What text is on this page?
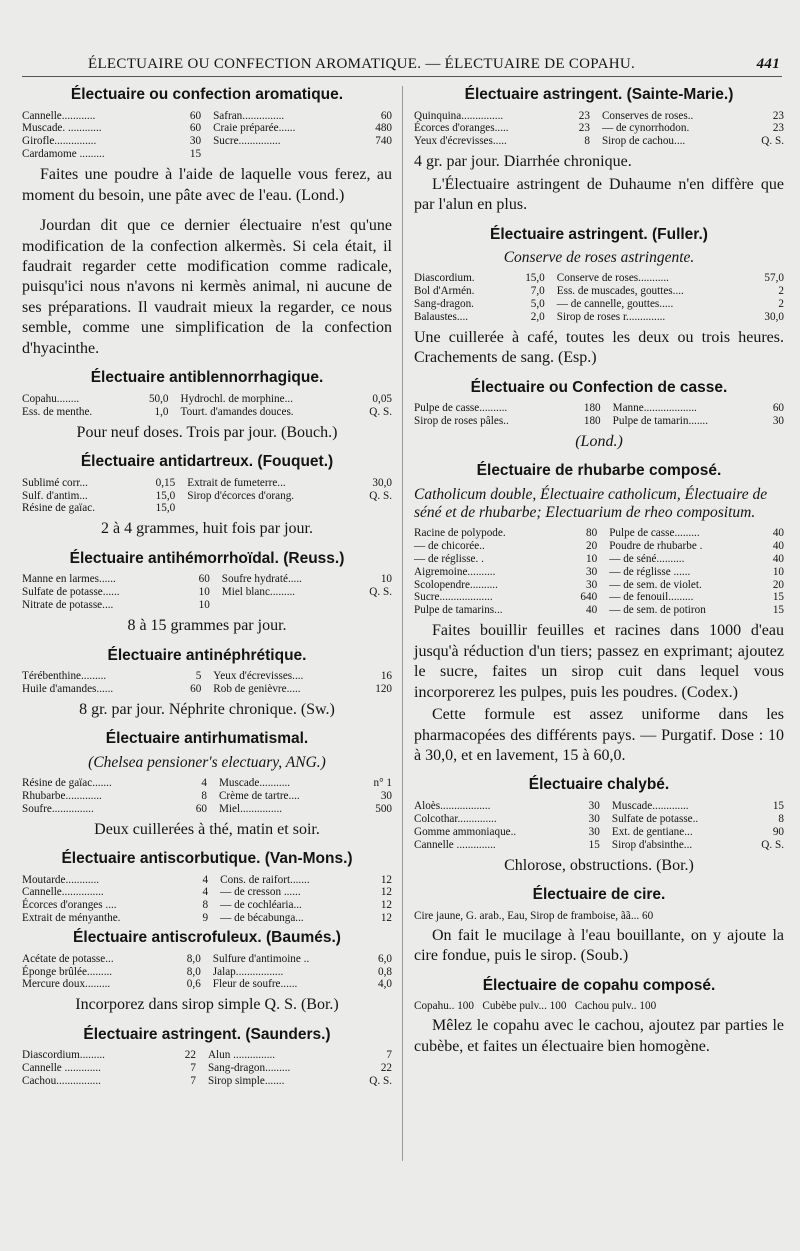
ÉLECTUAIRE OU CONFECTION AROMATIQUE. — ÉLECTUAIRE DE COPAHU.	441
Électuaire ou confection aromatique.
Cannelle............	60	Safran...............	60
Muscade. ............	60	Craie préparée......	480
Girofle...............	30	Sucre...............	740
Cardamome .........	15		

Faites une poudre à l'aide de laquelle vous ferez, au moment du besoin, une pâte avec de l'eau. (Lond.)

Jourdan dit que ce dernier électuaire n'est qu'une modification de la confection alkermès. Si cela était, il faudrait regarder cette modification comme radicale, puisqu'ici nous n'avons ni kermès animal, ni aucune de ses préparations. Il vaudrait mieux la regarder, ce nous semble, comme une simplification de la confection d'hyacinthe.

Électuaire antiblennorrhagique.
Copahu........	50,0	Hydrochl. de morphine...	0,05
Ess. de menthe.	1,0	Tourt. d'amandes douces.	Q. S.

Pour neuf doses. Trois par jour. (Bouch.)

Électuaire antidartreux. (Fouquet.)
Sublimé corr...	0,15	Extrait de fumeterre...	30,0
Sulf. d'antim...	15,0	Sirop d'écorces d'orang.	Q. S.
Résine de gaïac.	15,0		

2 à 4 grammes, huit fois par jour.

Électuaire antihémorrhoïdal. (Reuss.)
Manne en larmes......	60	Soufre hydraté.....	10
Sulfate de potasse......	10	Miel blanc.........	Q. S.
Nitrate de potasse....	10		

8 à 15 grammes par jour.

Électuaire antinéphrétique.
Térébenthine.........	5	Yeux d'écrevisses....	16
Huile d'amandes......	60	Rob de genièvre.....	120

8 gr. par jour. Néphrite chronique. (Sw.)

Électuaire antirhumatismal.
(Chelsea pensioner's electuary, ANG.)
Résine de gaïac.......	4	Muscade...........	n° 1
Rhubarbe.............	8	Crème de tartre....	30
Soufre...............	60	Miel...............	500

Deux cuillerées à thé, matin et soir.

Électuaire antiscorbutique. (Van-Mons.)
Moutarde............	4	Cons. de raifort.......	12
Cannelle...............	4	— de cresson ......	12
Écorces d'oranges ....	8	— de cochléaria...	12
Extrait de ményanthe.	9	— de bécabunga...	12
Électuaire antiscrofuleux. (Baumés.)
Acétate de potasse...	8,0	Sulfure d'antimoine ..	6,0
Éponge brûlée.........	8,0	Jalap.................	0,8
Mercure doux.........	0,6	Fleur de soufre......	4,0

Incorporez dans sirop simple Q. S. (Bor.)

Électuaire astringent. (Saunders.)
Diascordium.........	22	Alun ...............	7
Cannelle .............	7	Sang-dragon.........	22
Cachou................	7	Sirop simple.......	Q. S.
Électuaire astringent. (Sainte-Marie.)
Quinquina...............	23	Conserves de roses..	23
Écorces d'oranges.....	23	— de cynorrhodon.	23
Yeux d'écrevisses.....	8	Sirop de cachou....	Q. S.

4 gr. par jour. Diarrhée chronique.

L'Électuaire astringent de Duhaume n'en diffère que par l'alun en plus.

Électuaire astringent. (Fuller.)
Conserve de roses astringente.
Diascordium.	15,0	Conserve de roses...........	57,0
Bol d'Armén.	7,0	Ess. de muscades, gouttes....	2
Sang-dragon.	5,0	— de cannelle, gouttes.....	2
Balaustes....	2,0	Sirop de roses r..............	30,0

Une cuillerée à café, toutes les deux ou trois heures. Crachements de sang. (Esp.)

Électuaire ou Confection de casse.
Pulpe de casse..........	180	Manne...................	60
Sirop de roses pâles..	180	Pulpe de tamarin.......	30

(Lond.)

Électuaire de rhubarbe composé.
Catholicum double, Électuaire catholicum, Électuaire de séné et de rhubarbe; Electuarium de rheo compositum.
Racine de polypode.	80	Pulpe de casse.........	40
— de chicorée..	20	Poudre de rhubarbe .	40
— de réglisse. .	10	— de séné..........	40
Aigremoine..........	30	— de réglisse ......	10
Scolopendre..........	30	— de sem. de violet.	20
Sucre...................	640	— de fenouil.........	15
Pulpe de tamarins...	40	— de sem. de potiron	15

Faites bouillir feuilles et racines dans 1000 d'eau jusqu'à réduction d'un tiers; passez en exprimant; ajoutez le sucre, faites un sirop cuit dans lequel vous incorporerez les pulpes, puis les poudres. (Codex.)

Cette formule est assez uniforme dans les pharmacopées des différents pays. — Purgatif. Dose : 10 à 30,0, et en lavement, 15 à 60,0.

Électuaire chalybé.
Aloès..................	30	Muscade.............	15
Colcothar..............	30	Sulfate de potasse..	8
Gomme ammoniaque..	30	Ext. de gentiane...	90
Cannelle ..............	15	Sirop d'absinthe...	Q. S.

Chlorose, obstructions. (Bor.)

Électuaire de cire.
Cire jaune, G. arab., Eau, Sirop de framboise, ãã... 60

On fait le mucilage à l'eau bouillante, on y ajoute la cire fondue, puis le sirop. (Soub.)

Électuaire de copahu composé.
Copahu.. 100   Cubèbe pulv... 100   Cachou pulv.. 100

Mêlez le copahu avec le cachou, ajoutez par parties le cubèbe, et faites un électuaire bien homogène.
